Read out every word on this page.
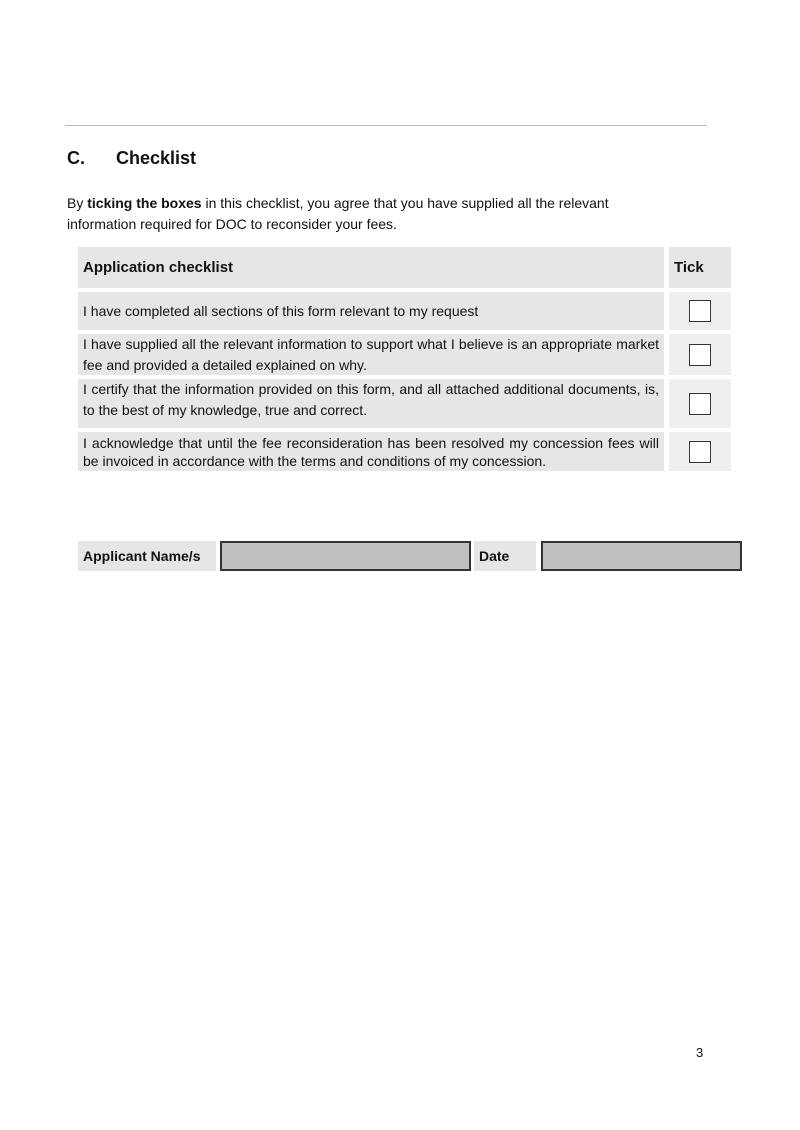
C. Checklist
By ticking the boxes in this checklist, you agree that you have supplied all the relevant information required for DOC to reconsider your fees.
Application checklist	Tick
I have completed all sections of this form relevant to my request
I have supplied all the relevant information to support what I believe is an appropriate market fee and provided a detailed explained on why.
I certify that the information provided on this form, and all attached additional documents, is, to the best of my knowledge, true and correct.
I acknowledge that until the fee reconsideration has been resolved my concession fees will be invoiced in accordance with the terms and conditions of my concession.
Applicant Name/s	Date
3
